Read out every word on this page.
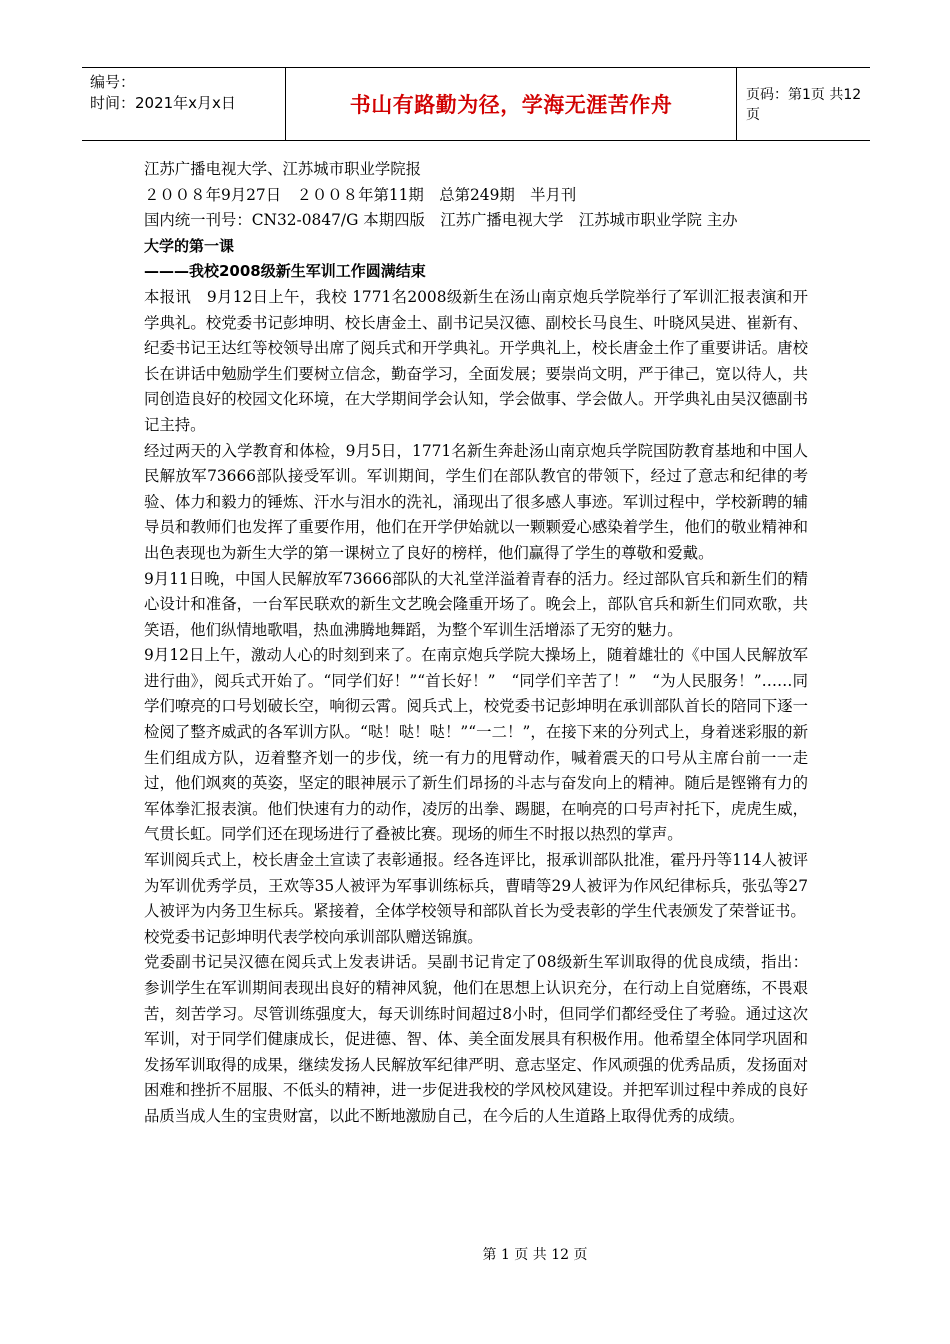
编号：
时间：2021年x月x日	书山有路勤为径，学海无涯苦作舟	页码：第1页 共12页

江苏广播电视大学、江苏城市职业学院报

２００８年9月27日　２００８年第11期　总第249期　半月刊

国内统一刊号：CN32-0847/G 本期四版　江苏广播电视大学　江苏城市职业学院 主办

大学的第一课

———我校2008级新生军训工作圆满结束

本报讯　9月12日上午，我校 1771名2008级新生在汤山南京炮兵学院举行了军训汇报表演和开学典礼。校党委书记彭坤明、校长唐金土、副书记吴汉德、副校长马良生、叶晓风吴进、崔新有、纪委书记王达红等校领导出席了阅兵式和开学典礼。开学典礼上，校长唐金土作了重要讲话。唐校长在讲话中勉励学生们要树立信念，勤奋学习，全面发展；要崇尚文明，严于律己，宽以待人，共同创造良好的校园文化环境，在大学期间学会认知，学会做事、学会做人。开学典礼由吴汉德副书记主持。

经过两天的入学教育和体检，9月5日，1771名新生奔赴汤山南京炮兵学院国防教育基地和中国人民解放军73666部队接受军训。军训期间，学生们在部队教官的带领下，经过了意志和纪律的考验、体力和毅力的锤炼、汗水与泪水的洗礼，涌现出了很多感人事迹。军训过程中，学校新聘的辅导员和教师们也发挥了重要作用，他们在开学伊始就以一颗颗爱心感染着学生，他们的敬业精神和出色表现也为新生大学的第一课树立了良好的榜样，他们赢得了学生的尊敬和爱戴。

9月11日晚，中国人民解放军73666部队的大礼堂洋溢着青春的活力。经过部队官兵和新生们的精心设计和准备，一台军民联欢的新生文艺晚会隆重开场了。晚会上，部队官兵和新生们同欢歌，共笑语，他们纵情地歌唱，热血沸腾地舞蹈，为整个军训生活增添了无穷的魅力。

9月12日上午，激动人心的时刻到来了。在南京炮兵学院大操场上，随着雄壮的《中国人民解放军进行曲》，阅兵式开始了。“同学们好！”“首长好！”　“同学们辛苦了！”　“为人民服务！”……同学们嘹亮的口号划破长空，响彻云霄。阅兵式上，校党委书记彭坤明在承训部队首长的陪同下逐一检阅了整齐威武的各军训方队。“哒！哒！哒！”“一二！”，在接下来的分列式上，身着迷彩服的新生们组成方队，迈着整齐划一的步伐，统一有力的甩臂动作，喊着震天的口号从主席台前一一走过，他们飒爽的英姿，坚定的眼神展示了新生们昂扬的斗志与奋发向上的精神。随后是铿锵有力的军体拳汇报表演。他们快速有力的动作，凌厉的出拳、踢腿，在响亮的口号声衬托下，虎虎生威，气贯长虹。同学们还在现场进行了叠被比赛。现场的师生不时报以热烈的掌声。

军训阅兵式上，校长唐金土宣读了表彰通报。经各连评比，报承训部队批准，霍丹丹等114人被评为军训优秀学员，王欢等35人被评为军事训练标兵，曹晴等29人被评为作风纪律标兵，张弘等27人被评为内务卫生标兵。紧接着，全体学校领导和部队首长为受表彰的学生代表颁发了荣誉证书。

校党委书记彭坤明代表学校向承训部队赠送锦旗。

党委副书记吴汉德在阅兵式上发表讲话。吴副书记肯定了08级新生军训取得的优良成绩，指出：参训学生在军训期间表现出良好的精神风貌，他们在思想上认识充分，在行动上自觉磨练，不畏艰苦，刻苦学习。尽管训练强度大，每天训练时间超过8小时，但同学们都经受住了考验。通过这次军训，对于同学们健康成长，促进德、智、体、美全面发展具有积极作用。他希望全体同学巩固和发扬军训取得的成果，继续发扬人民解放军纪律严明、意志坚定、作风顽强的优秀品质，发扬面对困难和挫折不屈服、不低头的精神，进一步促进我校的学风校风建设。并把军训过程中养成的良好品质当成人生的宝贵财富，以此不断地激励自己，在今后的人生道路上取得优秀的成绩。

第 1 页 共 12 页
